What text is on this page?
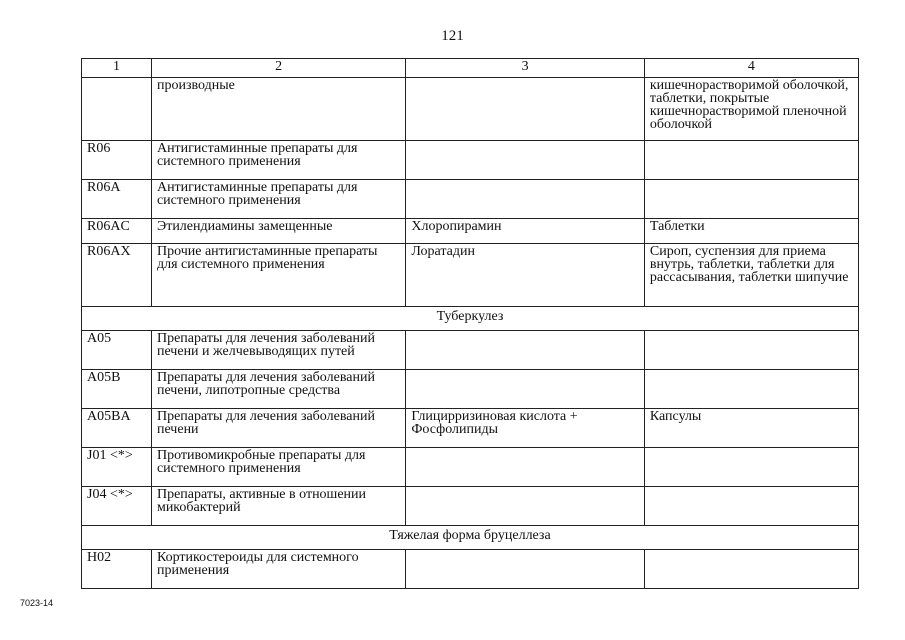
121
1	2	3	4
	производные		кишечнорастворимой оболочкой, таблетки, покрытые кишечнорастворимой пленочной оболочкой
R06	Антигистаминные препараты для системного применения		
R06A	Антигистаминные препараты для системного применения		
R06AC	Этилендиамины замещенные	Хлоропирамин	Таблетки
R06AX	Прочие антигистаминные препараты для системного применения	Лоратадин	Сироп, суспензия для приема внутрь, таблетки, таблетки для рассасывания, таблетки шипучие
Туберкулез			
A05	Препараты для лечения заболеваний печени и желчевыводящих путей		
A05B	Препараты для лечения заболеваний печени, липотропные средства		
A05BA	Препараты для лечения заболеваний печени	Глицирризиновая кислота + Фосфолипиды	Капсулы
J01 <*>	Противомикробные препараты для системного применения		
J04 <*>	Препараты, активные в отношении микобактерий		
Тяжелая форма бруцеллеза			
H02	Кортикостероиды для системного применения		
7023-14
